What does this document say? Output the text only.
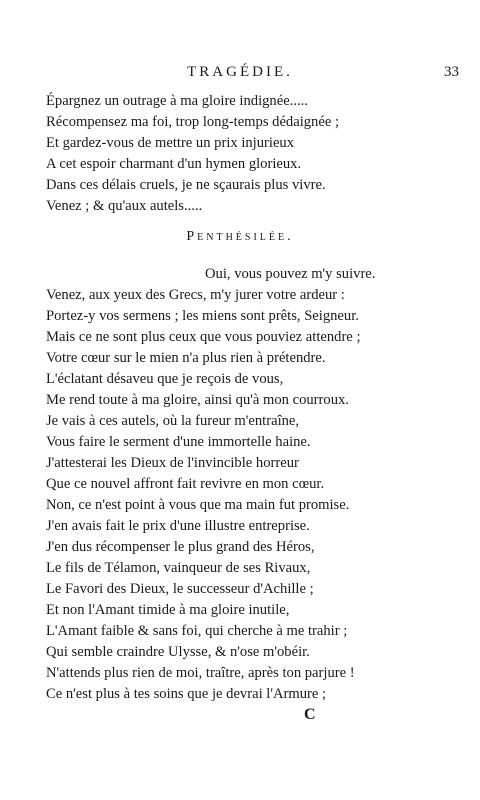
TRAGÉDIE.	33
Épargnez un outrage à ma gloire indignée.....
Récompensez ma foi, trop long-temps dédaignée ;
Et gardez-vous de mettre un prix injurieux
A cet espoir charmant d'un hymen glorieux.
Dans ces délais cruels, je ne sçaurais plus vivre.
Venez ; & qu'aux autels.....
Penthésilée.
Oui, vous pouvez m'y suivre.
Venez, aux yeux des Grecs, m'y jurer votre ardeur :
Portez-y vos sermens ; les miens sont prêts, Seigneur.
Mais ce ne sont plus ceux que vous pouviez attendre ;
Votre cœur sur le mien n'a plus rien à prétendre.
L'éclatant désaveu que je reçois de vous,
Me rend toute à ma gloire, ainsi qu'à mon courroux.
Je vais à ces autels, où la fureur m'entraîne,
Vous faire le serment d'une immortelle haine.
J'attesterai les Dieux de l'invincible horreur
Que ce nouvel affront fait revivre en mon cœur.
Non, ce n'est point à vous que ma main fut promise.
J'en avais fait le prix d'une illustre entreprise.
J'en dus récompenser le plus grand des Héros,
Le fils de Télamon, vainqueur de ses Rivaux,
Le Favori des Dieux, le successeur d'Achille ;
Et non l'Amant timide à ma gloire inutile,
L'Amant faible & sans foi, qui cherche à me trahir ;
Qui semble craindre Ulysse, & n'ose m'obéir.
N'attends plus rien de moi, traître, après ton parjure !
Ce n'est plus à tes soins que je devrai l'Armure ;
C
